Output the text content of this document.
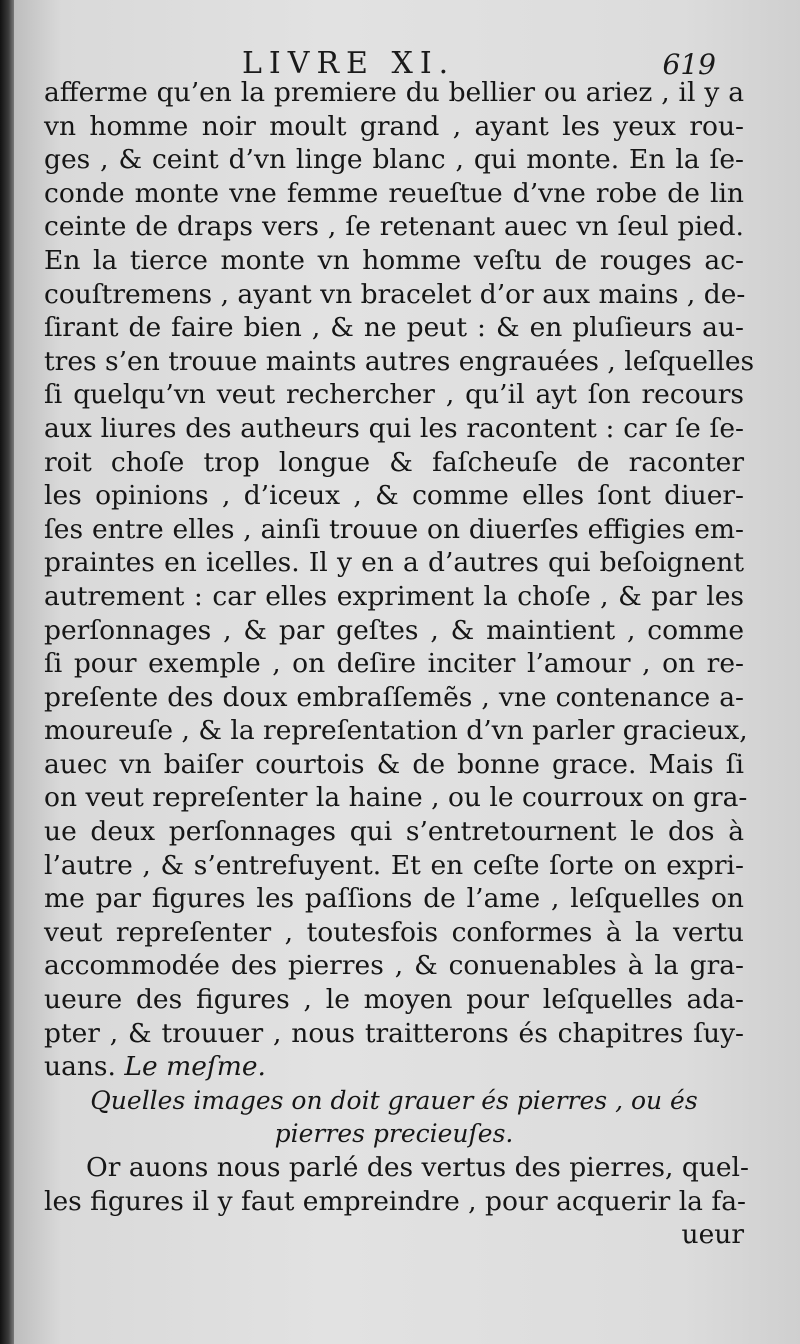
LIVRE XI.	619
afferme qu’en la premiere du bellier ou ariez , il y a
vn homme noir moult grand , ayant les yeux rou-
ges , & ceint d’vn linge blanc , qui monte. En la ſe-
conde monte vne femme reueſtue d’vne robe de lin
ceinte de draps vers , ſe retenant auec vn ſeul pied.
En la tierce monte vn homme veſtu de rouges ac-
couſtremens , ayant vn bracelet d’or aux mains , de-
ſirant de faire bien , & ne peut : & en pluſieurs au-
tres s’en trouue maints autres engrauées , leſquelles
ſi quelqu’vn veut rechercher , qu’il ayt ſon recours
aux liures des autheurs qui les racontent : car ſe ſe-
roit choſe trop longue & faſcheuſe de raconter
les opinions , d’iceux , & comme elles ſont diuer-
ſes entre elles , ainſi trouue on diuerſes effigies em-
praintes en icelles. Il y en a d’autres qui beſoignent
autrement : car elles expriment la choſe , & par les
perſonnages , & par geſtes , & maintient , comme
ſi pour exemple , on deſire inciter l’amour , on re-
preſente des doux embraſſemẽs , vne contenance a-
moureuſe , & la repreſentation d’vn parler gracieux,
auec vn baiſer courtois & de bonne grace. Mais ſi
on veut repreſenter la haine , ou le courroux on gra-
ue deux perſonnages qui s’entretournent le dos à
l’autre , & s’entrefuyent. Et en ceſte ſorte on expri-
me par figures les paſſions de l’ame , leſquelles on
veut repreſenter , toutesfois conformes à la vertu
accommodée des pierres , & conuenables à la gra-
ueure des figures , le moyen pour leſquelles ada-
pter , & trouuer , nous traitterons és chapitres ſuy-
uans. Le meſme.
Quelles images on doit grauer és pierres , ou és
pierres precieuſes.
Or auons nous parlé des vertus des pierres, quel-
les figures il y faut empreindre , pour acquerir la fa-
ueur
